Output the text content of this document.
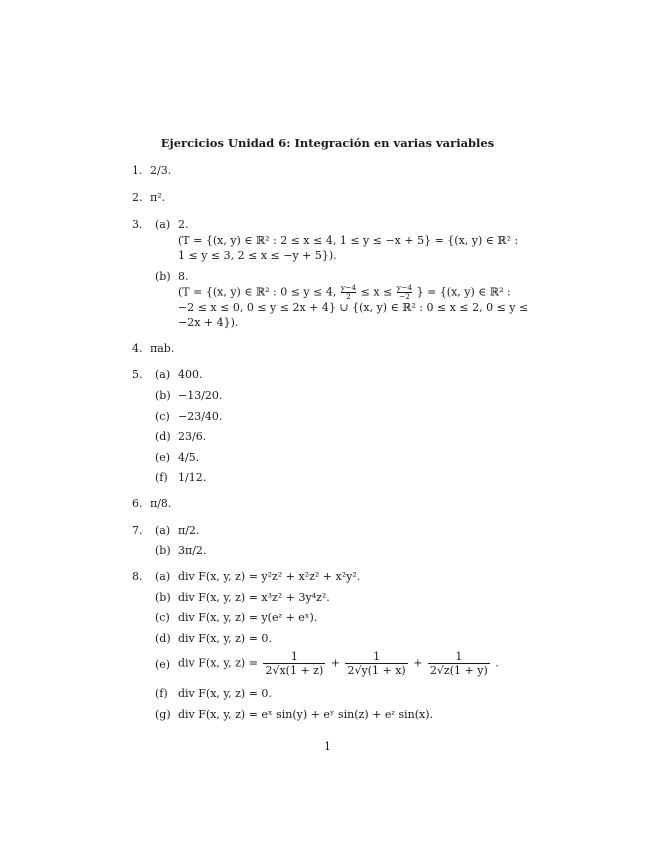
Ejercicios Unidad 6: Integración en varias variables
1. 2/3.
2. π².
3. (a) 2.
(T = {(x, y) ∈ ℝ² : 2 ≤ x ≤ 4, 1 ≤ y ≤ −x + 5} = {(x, y) ∈ ℝ² :
1 ≤ y ≤ 3, 2 ≤ x ≤ −y + 5}).
(b) 8.
(T = {(x, y) ∈ ℝ² : 0 ≤ y ≤ 4, $\frac{y-4}{2} \le x \le \frac{y-4}{-2}$ } = {(x, y) ∈ ℝ² :
−2 ≤ x ≤ 0, 0 ≤ y ≤ 2x + 4} ∪ {(x, y) ∈ ℝ² : 0 ≤ x ≤ 2, 0 ≤ y ≤
−2x + 4}).
4. πab.
5. (a) 400.
(b) −13/20.
(c) −23/40.
(d) 23/6.
(e) 4/5.
(f) 1/12.
6. π/8.
7. (a) π/2.
(b) 3π/2.
8. (a) div F(x, y, z) = y²z² + x²z² + x²y².
(b) div F(x, y, z) = x³z² + 3y⁴z².
(c) div F(x, y, z) = y(eᶻ + eˣ).
(d) div F(x, y, z) = 0.
(e) div F(x, y, $z) = \frac{1}{2√x(1 + z)} + \frac{1}{2√y(1 + x)} + \frac{1}{2√z(1 + y)}$ .
(f) div F(x, y, z) = 0.
(g) div F(x, y, z) = eˣ sin(y) + eʸ sin(z) + eᶻ sin(x).
1
